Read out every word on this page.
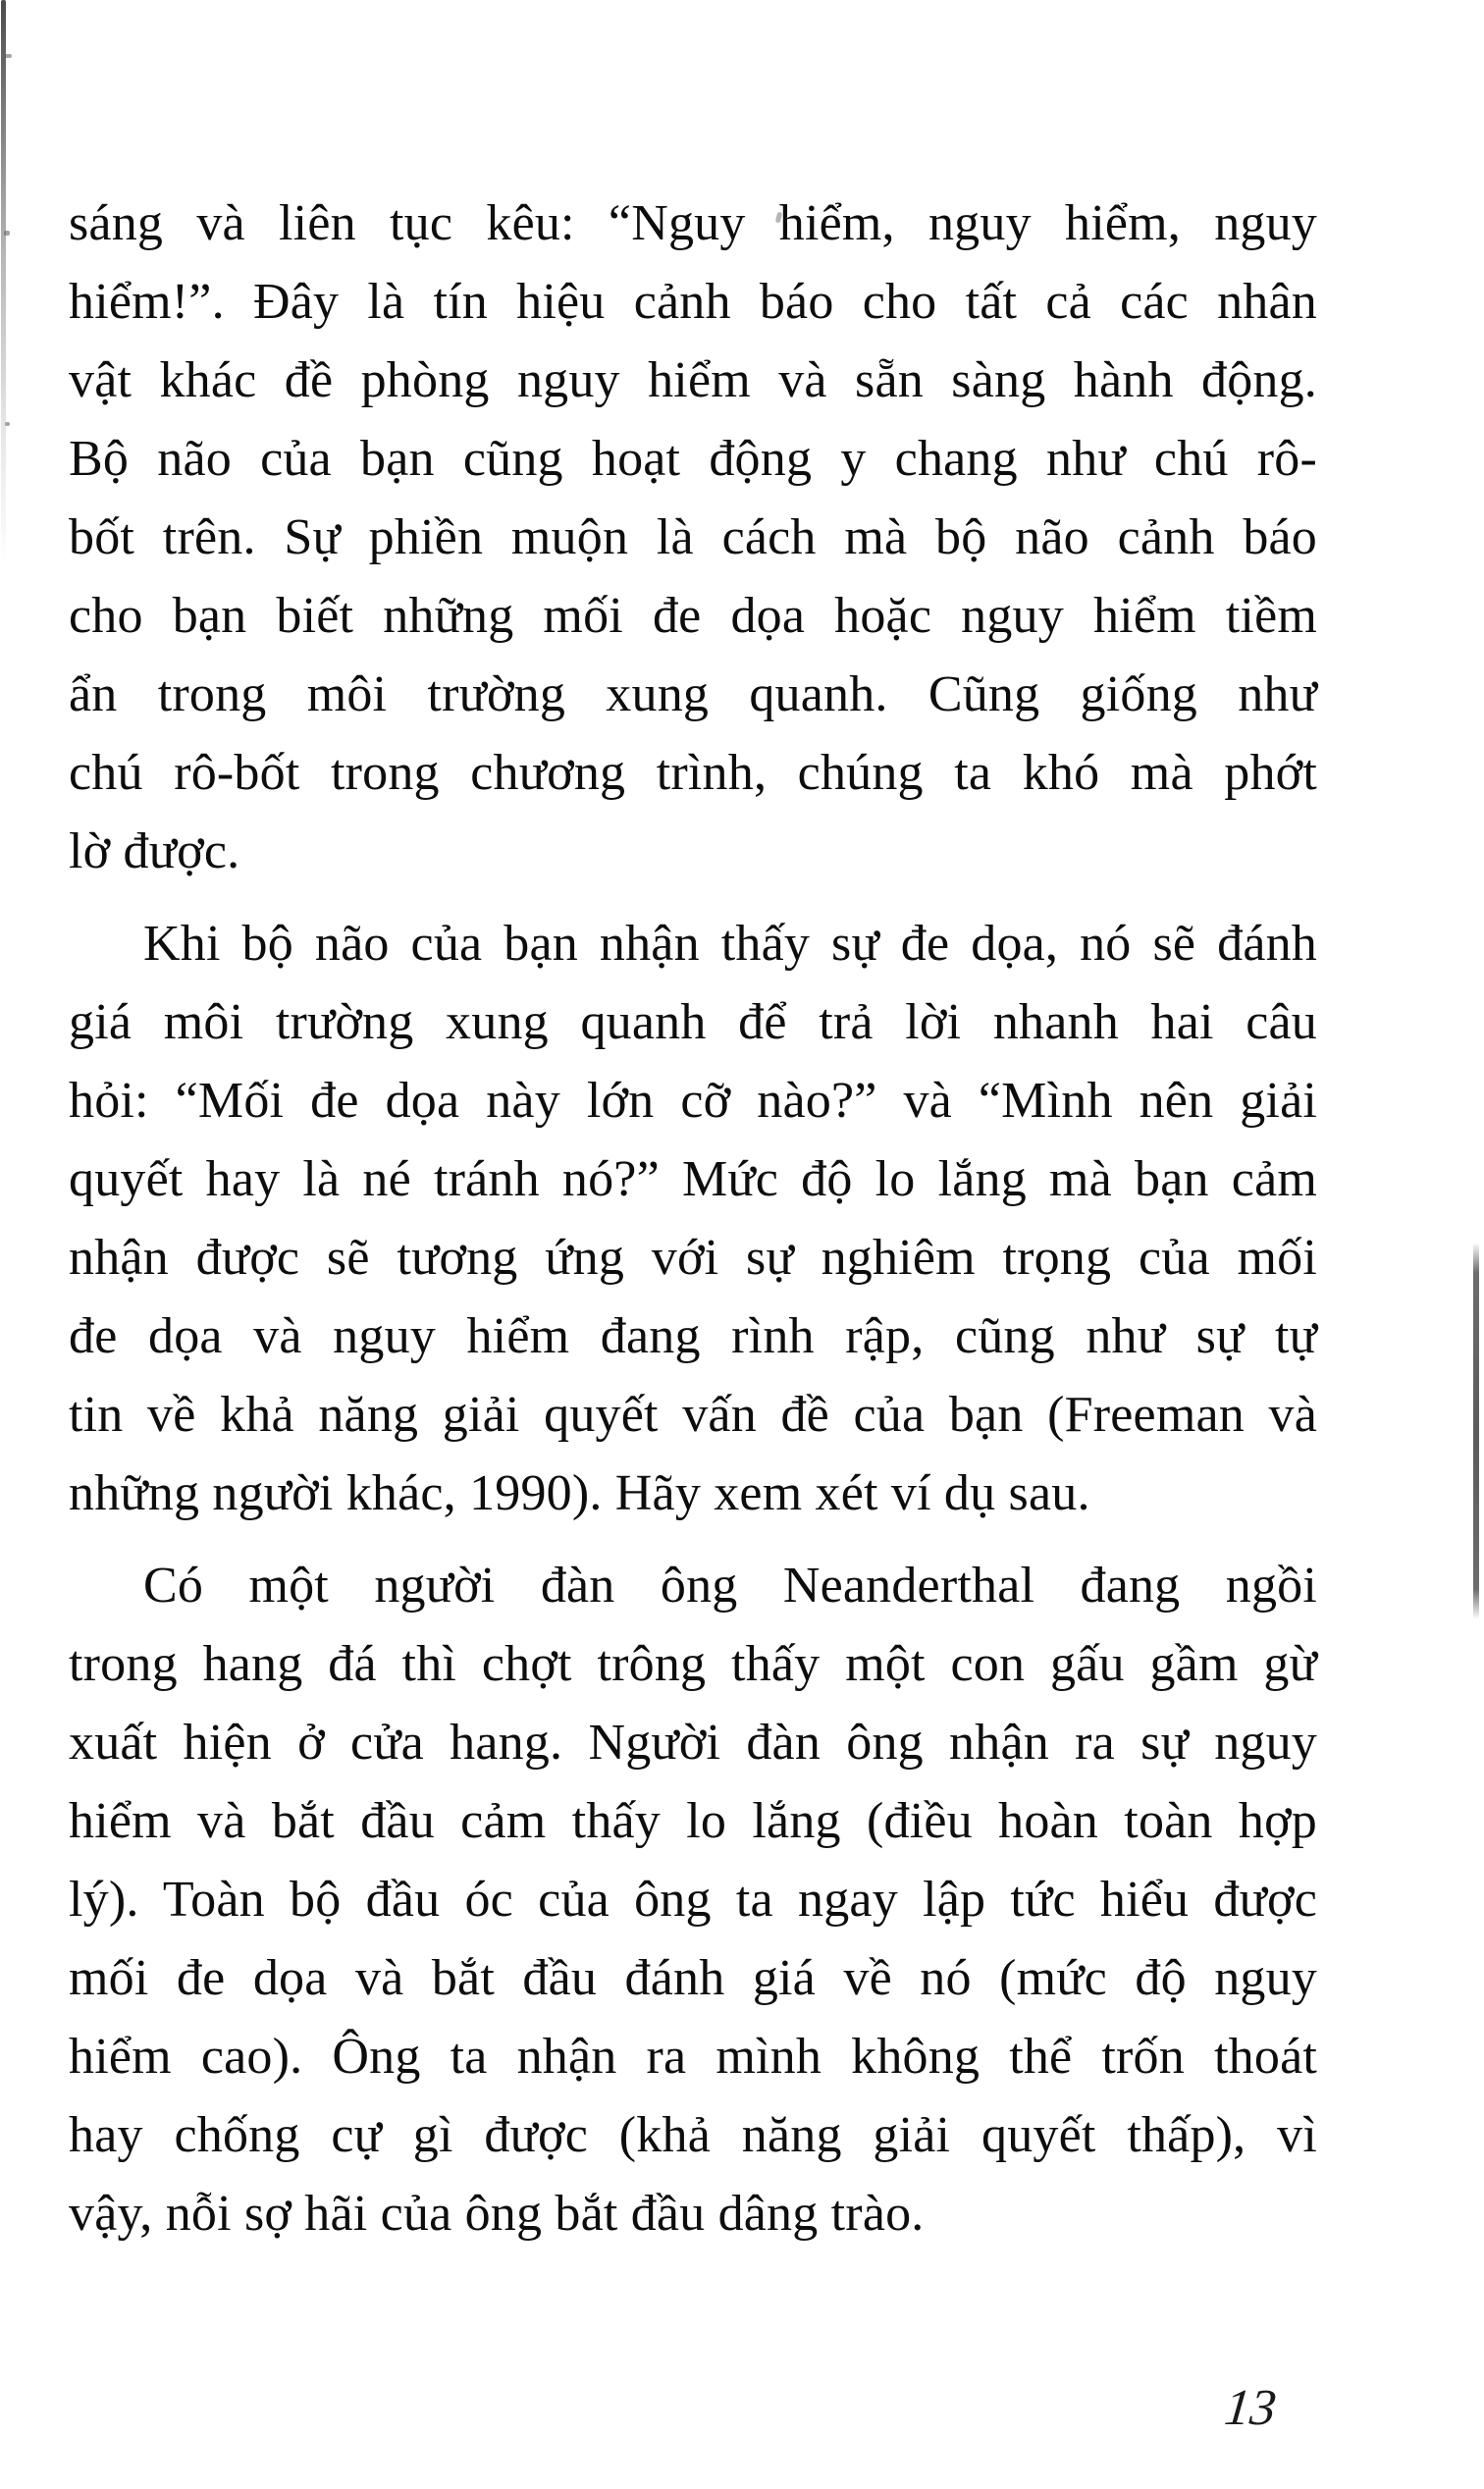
sáng và liên tục kêu: “Nguy hiểm, nguy hiểm, nguy
hiểm!”. Đây là tín hiệu cảnh báo cho tất cả các nhân
vật khác đề phòng nguy hiểm và sẵn sàng hành động.
Bộ não của bạn cũng hoạt động y chang như chú rô-
bốt trên. Sự phiền muộn là cách mà bộ não cảnh báo
cho bạn biết những mối đe dọa hoặc nguy hiểm tiềm
ẩn trong môi trường xung quanh. Cũng giống như
chú rô-bốt trong chương trình, chúng ta khó mà phớt
lờ được.
Khi bộ não của bạn nhận thấy sự đe dọa, nó sẽ đánh
giá môi trường xung quanh để trả lời nhanh hai câu
hỏi: “Mối đe dọa này lớn cỡ nào?” và “Mình nên giải
quyết hay là né tránh nó?” Mức độ lo lắng mà bạn cảm
nhận được sẽ tương ứng với sự nghiêm trọng của mối
đe dọa và nguy hiểm đang rình rập, cũng như sự tự
tin về khả năng giải quyết vấn đề của bạn (Freeman và
những người khác, 1990). Hãy xem xét ví dụ sau.
Có một người đàn ông Neanderthal đang ngồi
trong hang đá thì chợt trông thấy một con gấu gầm gừ
xuất hiện ở cửa hang. Người đàn ông nhận ra sự nguy
hiểm và bắt đầu cảm thấy lo lắng (điều hoàn toàn hợp
lý). Toàn bộ đầu óc của ông ta ngay lập tức hiểu được
mối đe dọa và bắt đầu đánh giá về nó (mức độ nguy
hiểm cao). Ông ta nhận ra mình không thể trốn thoát
hay chống cự gì được (khả năng giải quyết thấp), vì
vậy, nỗi sợ hãi của ông bắt đầu dâng trào.
13
